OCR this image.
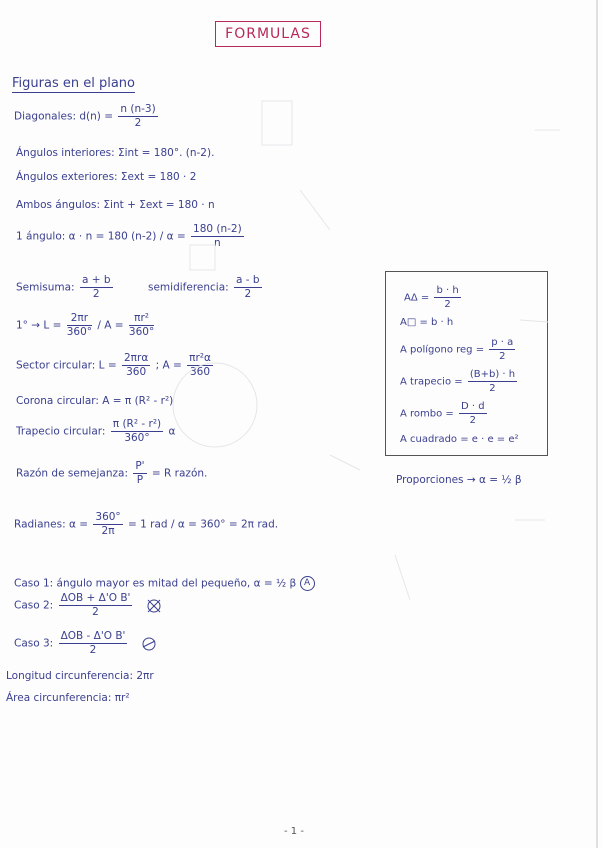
FORMULAS
Figuras en el plano
Diagonales: $d(n) = \frac{n (n-3)}{2}$
Ángulos interiores: Σint = 180°. (n-2).
Ángulos exteriores: Σext = 180 · 2
Ambos ángulos: Σint + Σext = 180 · n
1 ángulo: α · n = 180 $(n-2) / \alpha = \frac{180 (n-2)}{n}$
Semisuma: $\frac{a + b}{2}$	semidiferencia: $\frac{a - b}{2}$
$1^\circ \to L = \frac{2\pi r}{360^\circ} / A = \frac{\text{πr²}}{360^\circ}$
Sector circular: $L = \frac{\text{2πrα}}{360}$ ; $A = \frac{\text{πr²α}}{360}$
Corona circular: A = π (R² - r²)
Trapecio circular: $\frac{\text{π (R² - r²)}}{360^\circ}$ α
Razón de semejanza: $\frac{P'}{P} = R$ razón.
Radianes: $\alpha = \frac{360^\circ}{2\pi} = 1$ rad / α = 360° = 2π rad.
Caso 1: ángulo mayor es mitad del pequeño, α = ½ β A
Caso 2: $\frac{\text{ΔOB + Δ'O B'}}{2}$

Caso 3: $\frac{\text{ΔOB - Δ'O B'}}{2}$

Longitud circunferencia: 2πr
Área circunferencia: πr²
$A\Delta = \frac{b \cdot h}{2}$
A□ = b · h
A polígono reg = $\frac{p \cdot a}{2}$
A trapecio = $\frac{(B+b) \cdot h}{2}$
A rombo = $\frac{D \cdot d}{2}$
A cuadrado = e · e = e²
Proporciones → α = ½ β
- 1 -
